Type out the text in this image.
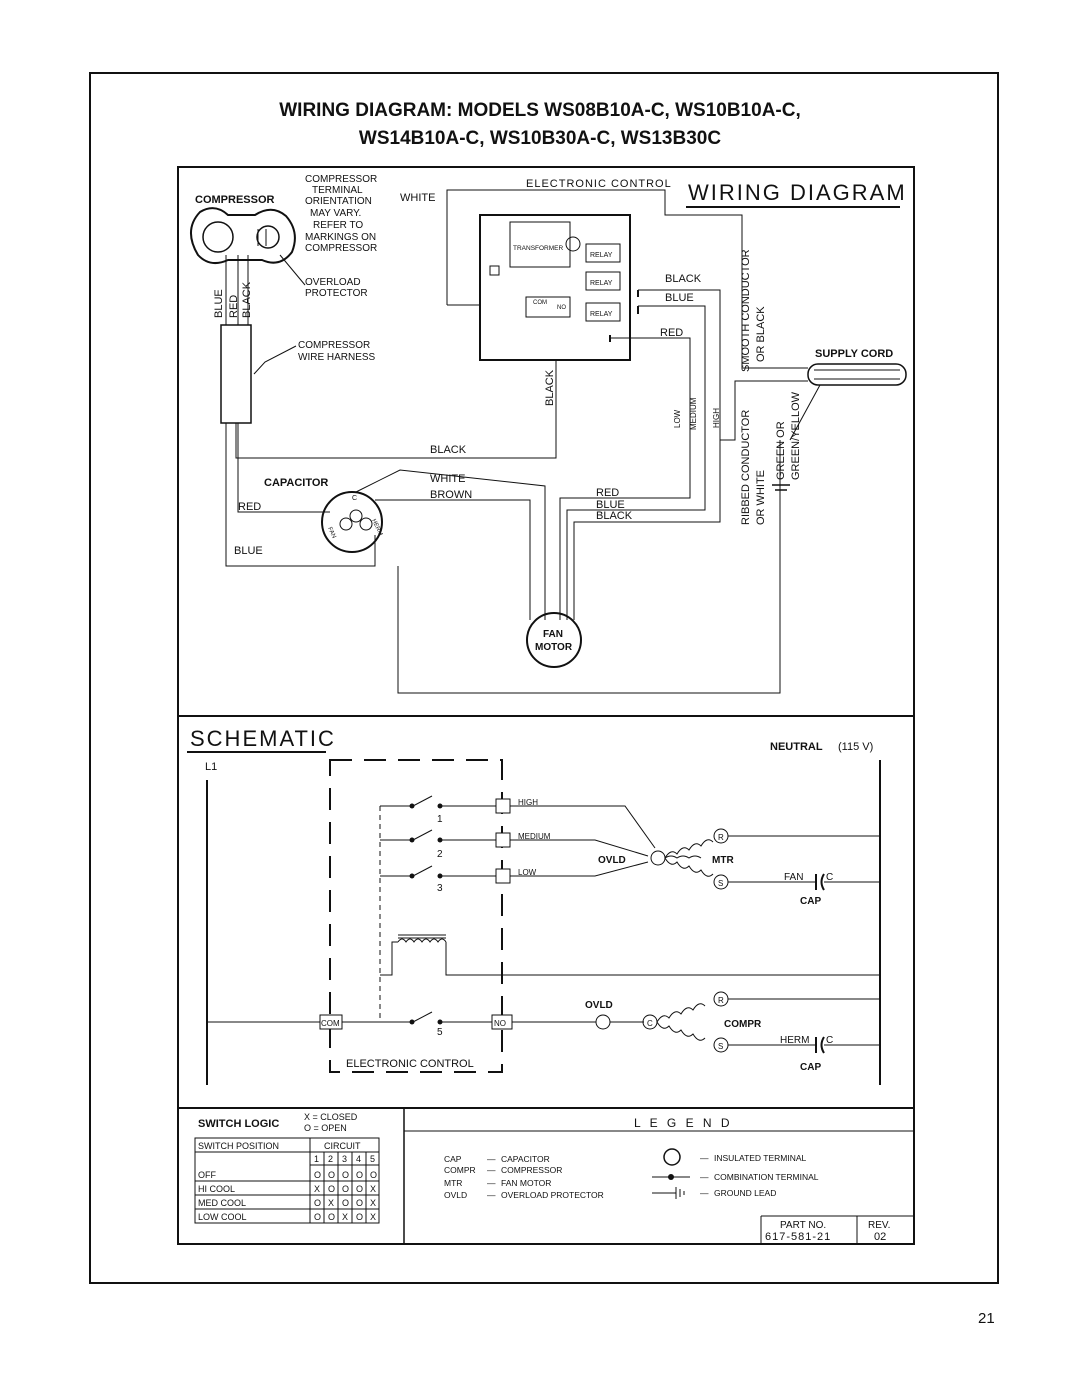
WIRING DIAGRAM: MODELS WS08B10A-C, WS10B10A-C,
WS14B10A-C, WS10B30A-C, WS13B30C
WIRING DIAGRAM
COMPRESSOR
COMPRESSOR
TERMINAL
ORIENTATION
MAY VARY.
REFER TO
MARKINGS ON
COMPRESSOR
OVERLOAD
PROTECTOR
BLUE RED BLACK
COMPRESSOR
WIRE HARNESS
ELECTRONIC CONTROL
TRANSFORMER
RELAY
RELAY
RELAY
COM
NO
WHITE
BLACK
BLUE
RED
LOW MEDIUM HIGH
BLACK
BLACK
SUPPLY CORD
SMOOTH CONDUCTOR OR BLACK
RIBBED CONDUCTOR OR WHITE
GREEN OR GREEN/YELLOW
CAPACITOR
C
FAN	HERM
WHITE
BROWN
RED
BLUE
RED
BLUE
BLACK
FAN
MOTOR
SCHEMATIC	NEUTRAL (115 V)
L1
ELECTRONIC CONTROL
1
2
3
HIGH
MEDIUM
LOW
OVLD
R
S
MTR
FAN C
CAP
COM
5
NO
OVLD
C
R
S
COMPR
HERM C
CAP
SWITCH LOGIC
X = CLOSED
O = OPEN
SWITCH POSITION	CIRCUIT
1 2 3 4 5
OFF	O O O O O
HI COOL	X O O O X
MED COOL	O X O O X
LOW COOL	O O X O X
L E G E N D
CAP	— CAPACITOR
COMPR — COMPRESSOR
MTR	— FAN MOTOR
OVLD — OVERLOAD PROTECTOR
— INSULATED TERMINAL
— COMBINATION TERMINAL
— GROUND LEAD
PART NO.
617-581-21
REV.
02
21
